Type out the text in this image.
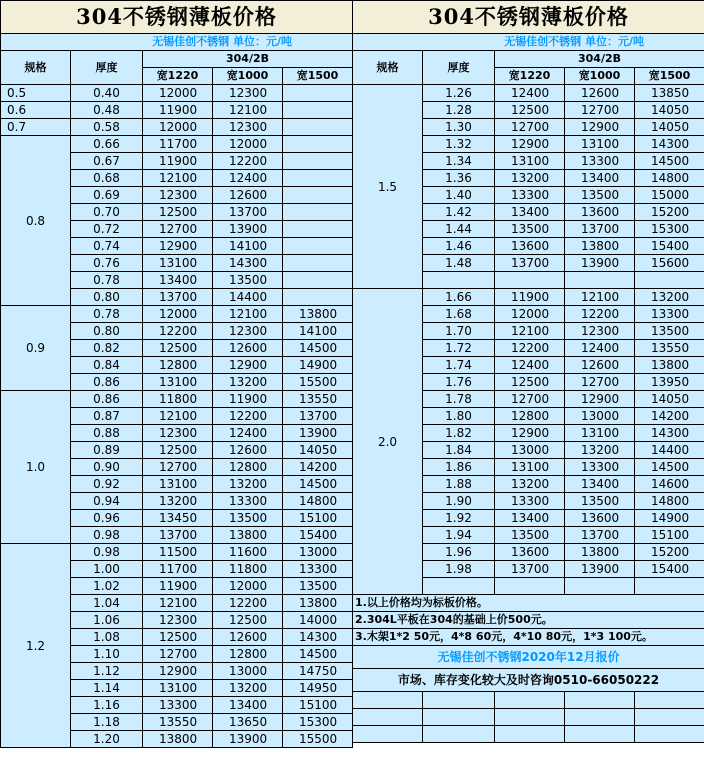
304不锈钢薄板价格				
无锡佳创不锈钢 单位：元/吨				
规格	厚度	304/2B		
		宽1220	宽1000	宽1500
0.5	0.40	12000	12300	
0.6	0.48	11900	12100	
0.7	0.58	12000	12300	
0.8	0.66	11700	12000	
	0.67	11900	12200	
	0.68	12100	12400	
	0.69	12300	12600	
	0.70	12500	13700	
	0.72	12700	13900	
	0.74	12900	14100	
	0.76	13100	14300	
	0.78	13400	13500	
	0.80	13700	14400	
0.9	0.78	12000	12100	13800
	0.80	12200	12300	14100
	0.82	12500	12600	14500
	0.84	12800	12900	14900
	0.86	13100	13200	15500
1.0	0.86	11800	11900	13550
	0.87	12100	12200	13700
	0.88	12300	12400	13900
	0.89	12500	12600	14050
	0.90	12700	12800	14200
	0.92	13100	13200	14500
	0.94	13200	13300	14800
	0.96	13450	13500	15100
	0.98	13700	13800	15400
1.2	0.98	11500	11600	13000
	1.00	11700	11800	13300
	1.02	11900	12000	13500
	1.04	12100	12200	13800
	1.06	12300	12500	14000
	1.08	12500	12600	14300
	1.10	12700	12800	14500
	1.12	12900	13000	14750
	1.14	13100	13200	14950
	1.16	13300	13400	15100
	1.18	13550	13650	15300
	1.20	13800	13900	15500
304不锈钢薄板价格				
无锡佳创不锈钢 单位：元/吨				
规格	厚度	304/2B		
		宽1220	宽1000	宽1500
1.5	1.26	12400	12600	13850
	1.28	12500	12700	14050
	1.30	12700	12900	14050
	1.32	12900	13100	14300
	1.34	13100	13300	14500
	1.36	13200	13400	14800
	1.40	13300	13500	15000
	1.42	13400	13600	15200
	1.44	13500	13700	15300
	1.46	13600	13800	15400
	1.48	13700	13900	15600

2.0	1.66	11900	12100	13200
	1.68	12000	12200	13300
	1.70	12100	12300	13500
	1.72	12200	12400	13550
	1.74	12400	12600	13800
	1.76	12500	12700	13950
	1.78	12700	12900	14050
	1.80	12800	13000	14200
	1.82	12900	13100	14300
	1.84	13000	13200	14400
	1.86	13100	13300	14500
	1.88	13200	13400	14600
	1.90	13300	13500	14800
	1.92	13400	13600	14900
	1.94	13500	13700	15100
	1.96	13600	13800	15200
	1.98	13700	13900	15400

1.以上价格均为标板价格。				
2.304L平板在304的基础上价500元。				
3.木架1*2 50元，4*8 60元，4*10 80元，1*3 100元。				
无锡佳创不锈钢2020年12月报价				
市场、库存变化较大及时咨询0510-66050222				
